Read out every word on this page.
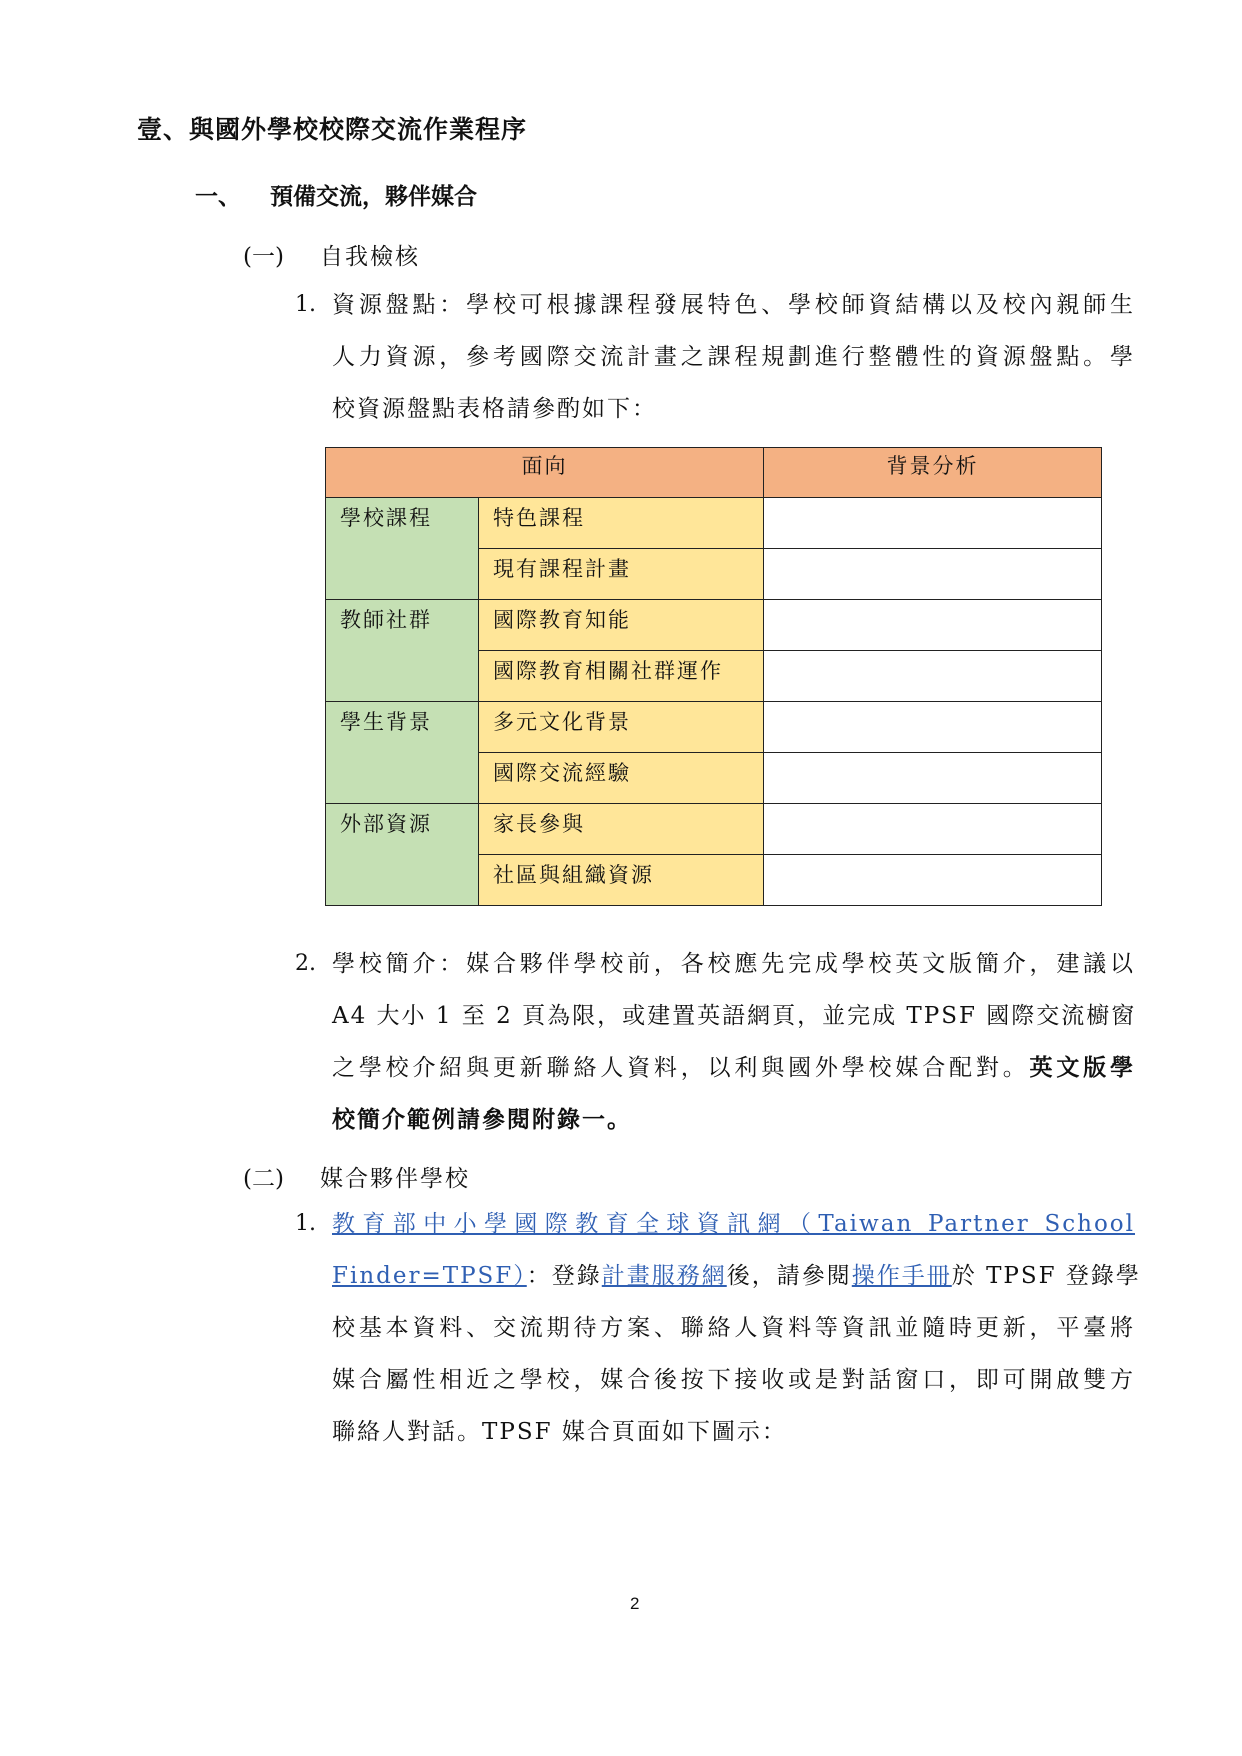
壹、與國外學校校際交流作業程序
一、 預備交流，夥伴媒合
(一) 自我檢核
1. 資源盤點：學校可根據課程發展特色、學校師資結構以及校內親師生
人力資源，參考國際交流計畫之課程規劃進行整體性的資源盤點。學
校資源盤點表格請參酌如下：
面向		背景分析
學校課程	特色課程	
	現有課程計畫	
教師社群	國際教育知能	
	國際教育相關社群運作	
學生背景	多元文化背景	
	國際交流經驗	
外部資源	家長參與	
	社區與組織資源	
2. 學校簡介：媒合夥伴學校前，各校應先完成學校英文版簡介，建議以
A4 大小 1 至 2 頁為限，或建置英語網頁，並完成 TPSF 國際交流櫥窗
之學校介紹與更新聯絡人資料，以利與國外學校媒合配對。英文版學
校簡介範例請參閱附錄一。
(二) 媒合夥伴學校
1. 教育部中小學國際教育全球資訊網（Taiwan Partner School
Finder=TPSF）：登錄計畫服務網後，請參閱操作手冊於 TPSF 登錄學
校基本資料、交流期待方案、聯絡人資料等資訊並隨時更新，平臺將
媒合屬性相近之學校，媒合後按下接收或是對話窗口，即可開啟雙方
聯絡人對話。TPSF 媒合頁面如下圖示：
2
